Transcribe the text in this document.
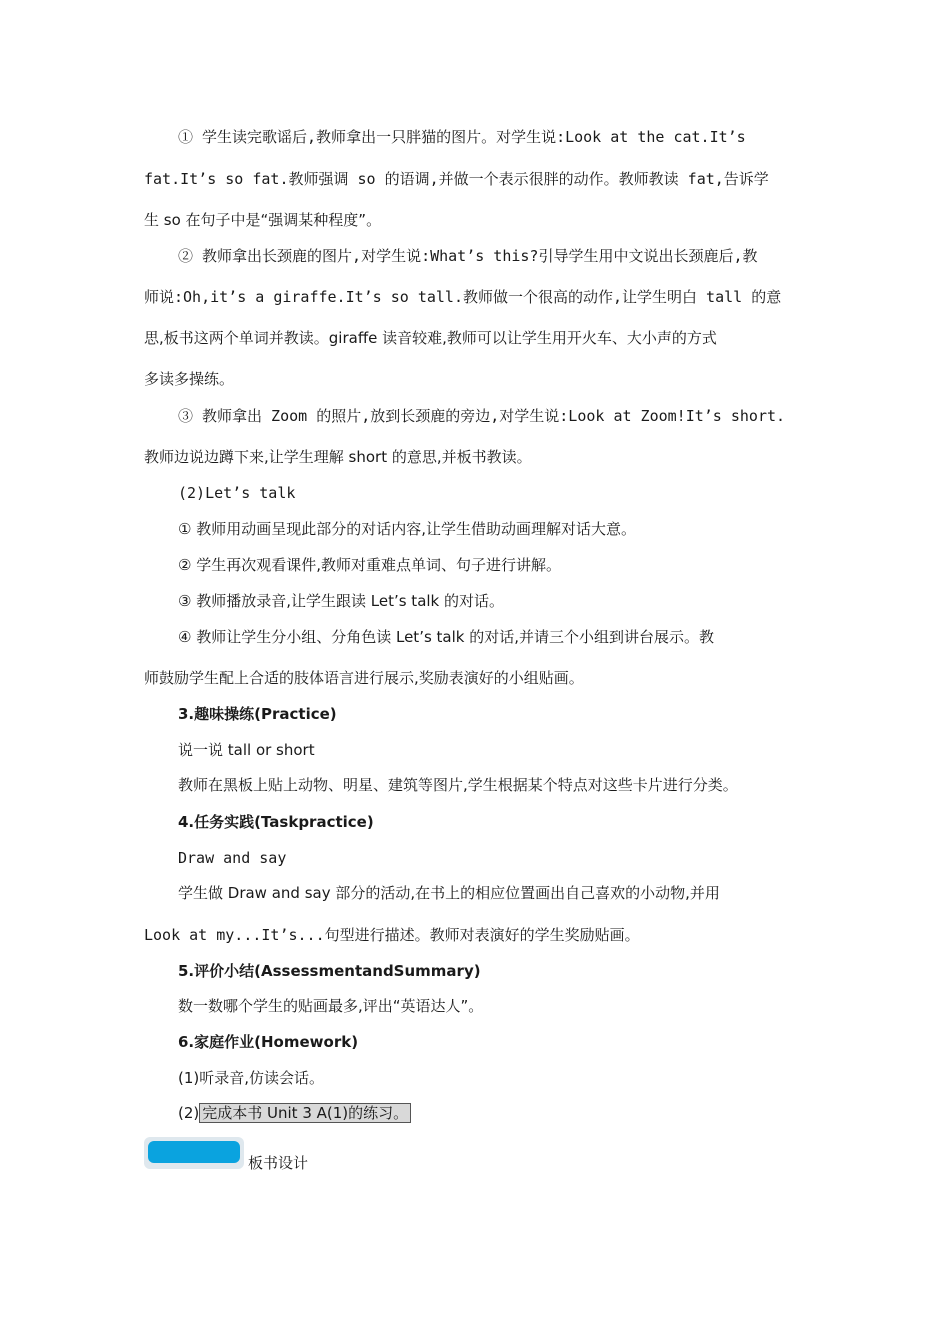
① 学生读完歌谣后,教师拿出一只胖猫的图片。对学生说:Look at the cat.It’s
fat.It’s so fat.教师强调 so 的语调,并做一个表示很胖的动作。教师教读 fat,告诉学
生 so 在句子中是“强调某种程度”。
② 教师拿出长颈鹿的图片,对学生说:What’s this?引导学生用中文说出长颈鹿后,教
师说:Oh,it’s a giraffe.It’s so tall.教师做一个很高的动作,让学生明白 tall 的意
思,板书这两个单词并教读。giraffe 读音较难,教师可以让学生用开火车、大小声的方式
多读多操练。
③ 教师拿出 Zoom 的照片,放到长颈鹿的旁边,对学生说:Look at Zoom!It’s short.
教师边说边蹲下来,让学生理解 short 的意思,并板书教读。
(2)Let’s talk
① 教师用动画呈现此部分的对话内容,让学生借助动画理解对话大意。
② 学生再次观看课件,教师对重难点单词、句子进行讲解。
③ 教师播放录音,让学生跟读 Let’s talk 的对话。
④ 教师让学生分小组、分角色读 Let’s talk 的对话,并请三个小组到讲台展示。教
师鼓励学生配上合适的肢体语言进行展示,奖励表演好的小组贴画。
3.趣味操练(Practice)
说一说 tall or short
教师在黑板上贴上动物、明星、建筑等图片,学生根据某个特点对这些卡片进行分类。
4.任务实践(Taskpractice)
Draw and say
学生做 Draw and say 部分的活动,在书上的相应位置画出自己喜欢的小动物,并用
Look at my...It’s...句型进行描述。教师对表演好的学生奖励贴画。
5.评价小结(AssessmentandSummary)
数一数哪个学生的贴画最多,评出“英语达人”。
6.家庭作业(Homework)
(1)听录音,仿读会话。
(2) 完成本书 Unit 3 A(1)的练习。
板书设计
